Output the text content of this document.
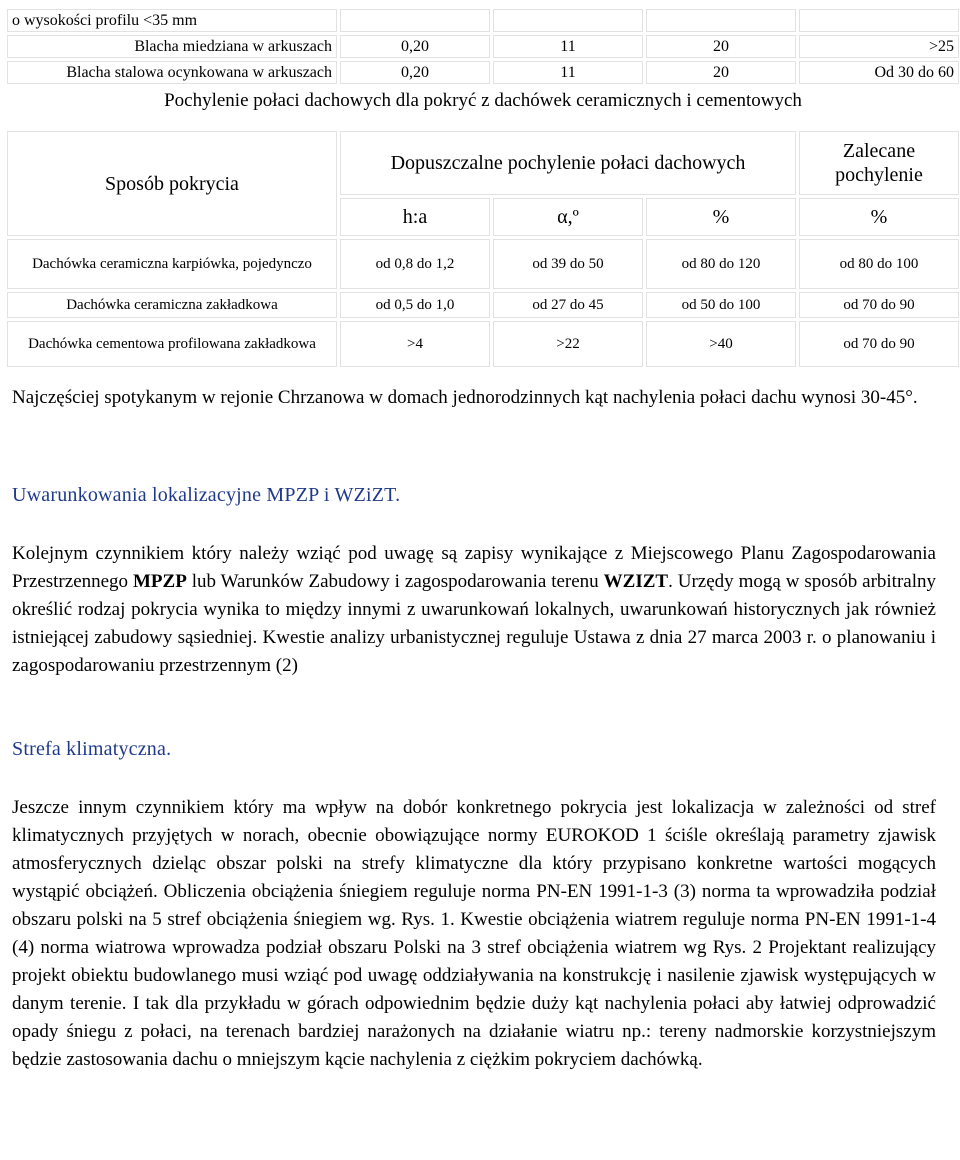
o wysokości profilu <35 mm				
Blacha miedziana w arkuszach	0,20	11	20	>25
Blacha stalowa ocynkowana w arkuszach	0,20	11	20	Od 30 do 60
Pochylenie połaci dachowych dla pokryć z dachówek ceramicznych i cementowych				
Sposób pokrycia	Dopuszczalne pochylenie połaci dachowych			Zalecane pochylenie
	h:a	α,º	%	%
Dachówka ceramiczna karpiówka, pojedynczo	od 0,8 do 1,2	od 39 do 50	od 80 do 120	od 80 do 100
Dachówka ceramiczna zakładkowa	od 0,5 do 1,0	od 27 do 45	od 50 do 100	od 70 do 90
Dachówka cementowa profilowana zakładkowa	>4	>22	>40	od 70 do 90

Najczęściej spotykanym w rejonie Chrzanowa w domach jednorodzinnych kąt nachylenia połaci dachu wynosi 30-45°.

Uwarunkowania lokalizacyjne MPZP i WZiZT.

Kolejnym czynnikiem który należy wziąć pod uwagę są zapisy wynikające z Miejscowego Planu Zagospodarowania Przestrzennego MPZP lub Warunków Zabudowy i zagospodarowania terenu WZIZT. Urzędy mogą w sposób arbitralny określić rodzaj pokrycia wynika to między innymi z uwarunkowań lokalnych, uwarunkowań historycznych jak również istniejącej zabudowy sąsiedniej. Kwestie analizy urbanistycznej reguluje Ustawa z dnia 27 marca 2003 r. o planowaniu i zagospodarowaniu przestrzennym (2)

Strefa klimatyczna.

Jeszcze innym czynnikiem który ma wpływ na dobór konkretnego pokrycia jest lokalizacja w zależności od stref klimatycznych przyjętych w norach, obecnie obowiązujące normy EUROKOD 1 ściśle określają parametry zjawisk atmosferycznych dzieląc obszar polski na strefy klimatyczne dla który przypisano konkretne wartości mogących wystąpić obciążeń. Obliczenia obciążenia śniegiem reguluje norma PN-EN 1991-1-3 (3) norma ta wprowadziła podział obszaru polski na 5 stref obciążenia śniegiem wg. Rys. 1. Kwestie obciążenia wiatrem reguluje norma PN-EN 1991-1-4 (4) norma wiatrowa wprowadza podział obszaru Polski na 3 stref obciążenia wiatrem wg Rys. 2 Projektant realizujący projekt obiektu budowlanego musi wziąć pod uwagę oddziaływania na konstrukcję i nasilenie zjawisk występujących w danym terenie. I tak dla przykładu w górach odpowiednim będzie duży kąt nachylenia połaci aby łatwiej odprowadzić opady śniegu z połaci, na terenach bardziej narażonych na działanie wiatru np.: tereny nadmorskie korzystniejszym będzie zastosowania dachu o mniejszym kącie nachylenia z ciężkim pokryciem dachówką.
